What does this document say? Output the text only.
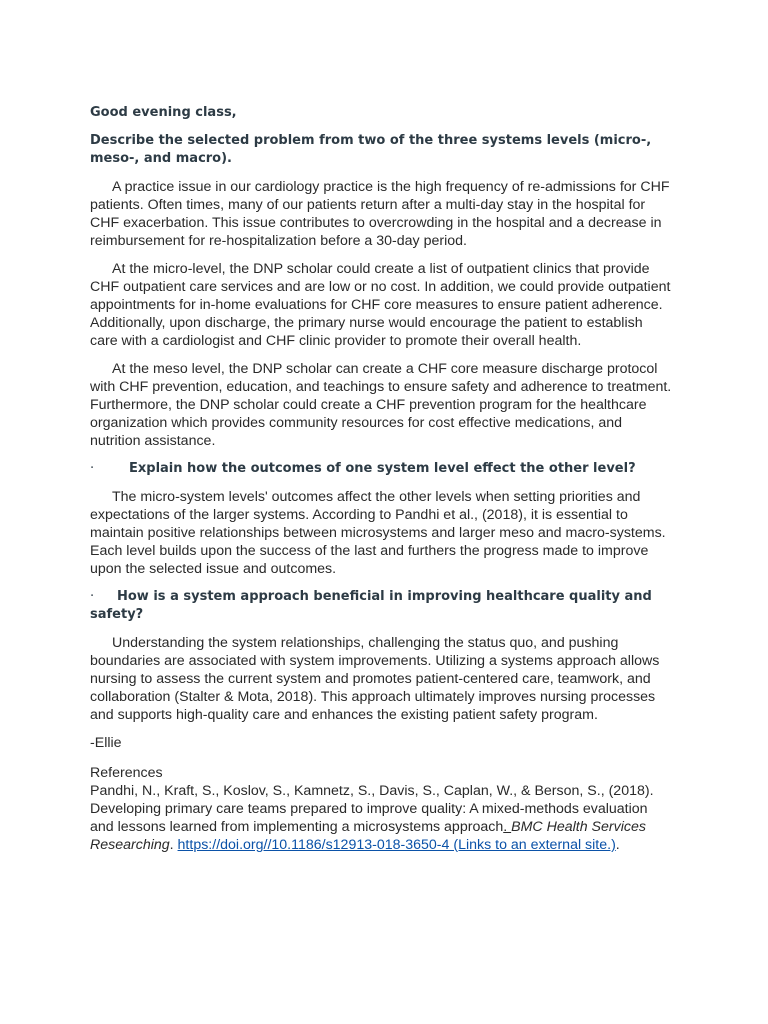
Good evening class,

Describe the selected problem from two of the three systems levels (micro-, meso-, and macro).

A practice issue in our cardiology practice is the high frequency of re-admissions for CHF patients. Often times, many of our patients return after a multi-day stay in the hospital for CHF exacerbation. This issue contributes to overcrowding in the hospital and a decrease in reimbursement for re-hospitalization before a 30-day period.

At the micro-level, the DNP scholar could create a list of outpatient clinics that provide CHF outpatient care services and are low or no cost. In addition, we could provide outpatient appointments for in-home evaluations for CHF core measures to ensure patient adherence. Additionally, upon discharge, the primary nurse would encourage the patient to establish care with a cardiologist and CHF clinic provider to promote their overall health.

At the meso level, the DNP scholar can create a CHF core measure discharge protocol with CHF prevention, education, and teachings to ensure safety and adherence to treatment. Furthermore, the DNP scholar could create a CHF prevention program for the healthcare organization which provides community resources for cost effective medications, and nutrition assistance.

·	Explain how the outcomes of one system level effect the other level?

The micro-system levels' outcomes affect the other levels when setting priorities and expectations of the larger systems. According to Pandhi et al., (2018), it is essential to maintain positive relationships between microsystems and larger meso and macro-systems. Each level builds upon the success of the last and furthers the progress made to improve upon the selected issue and outcomes.

· How is a system approach beneficial in improving healthcare quality and safety?

Understanding the system relationships, challenging the status quo, and pushing boundaries are associated with system improvements. Utilizing a systems approach allows nursing to assess the current system and promotes patient-centered care, teamwork, and collaboration (Stalter & Mota, 2018). This approach ultimately improves nursing processes and supports high-quality care and enhances the existing patient safety program.

-Ellie

References

Pandhi, N., Kraft, S., Koslov, S., Kamnetz, S., Davis, S., Caplan, W., & Berson, S., (2018). Developing primary care teams prepared to improve quality: A mixed-methods evaluation and lessons learned from implementing a microsystems approach. BMC Health Services Researching. https://doi.org//10.1186/s12913-018-3650-4 (Links to an external site.).
